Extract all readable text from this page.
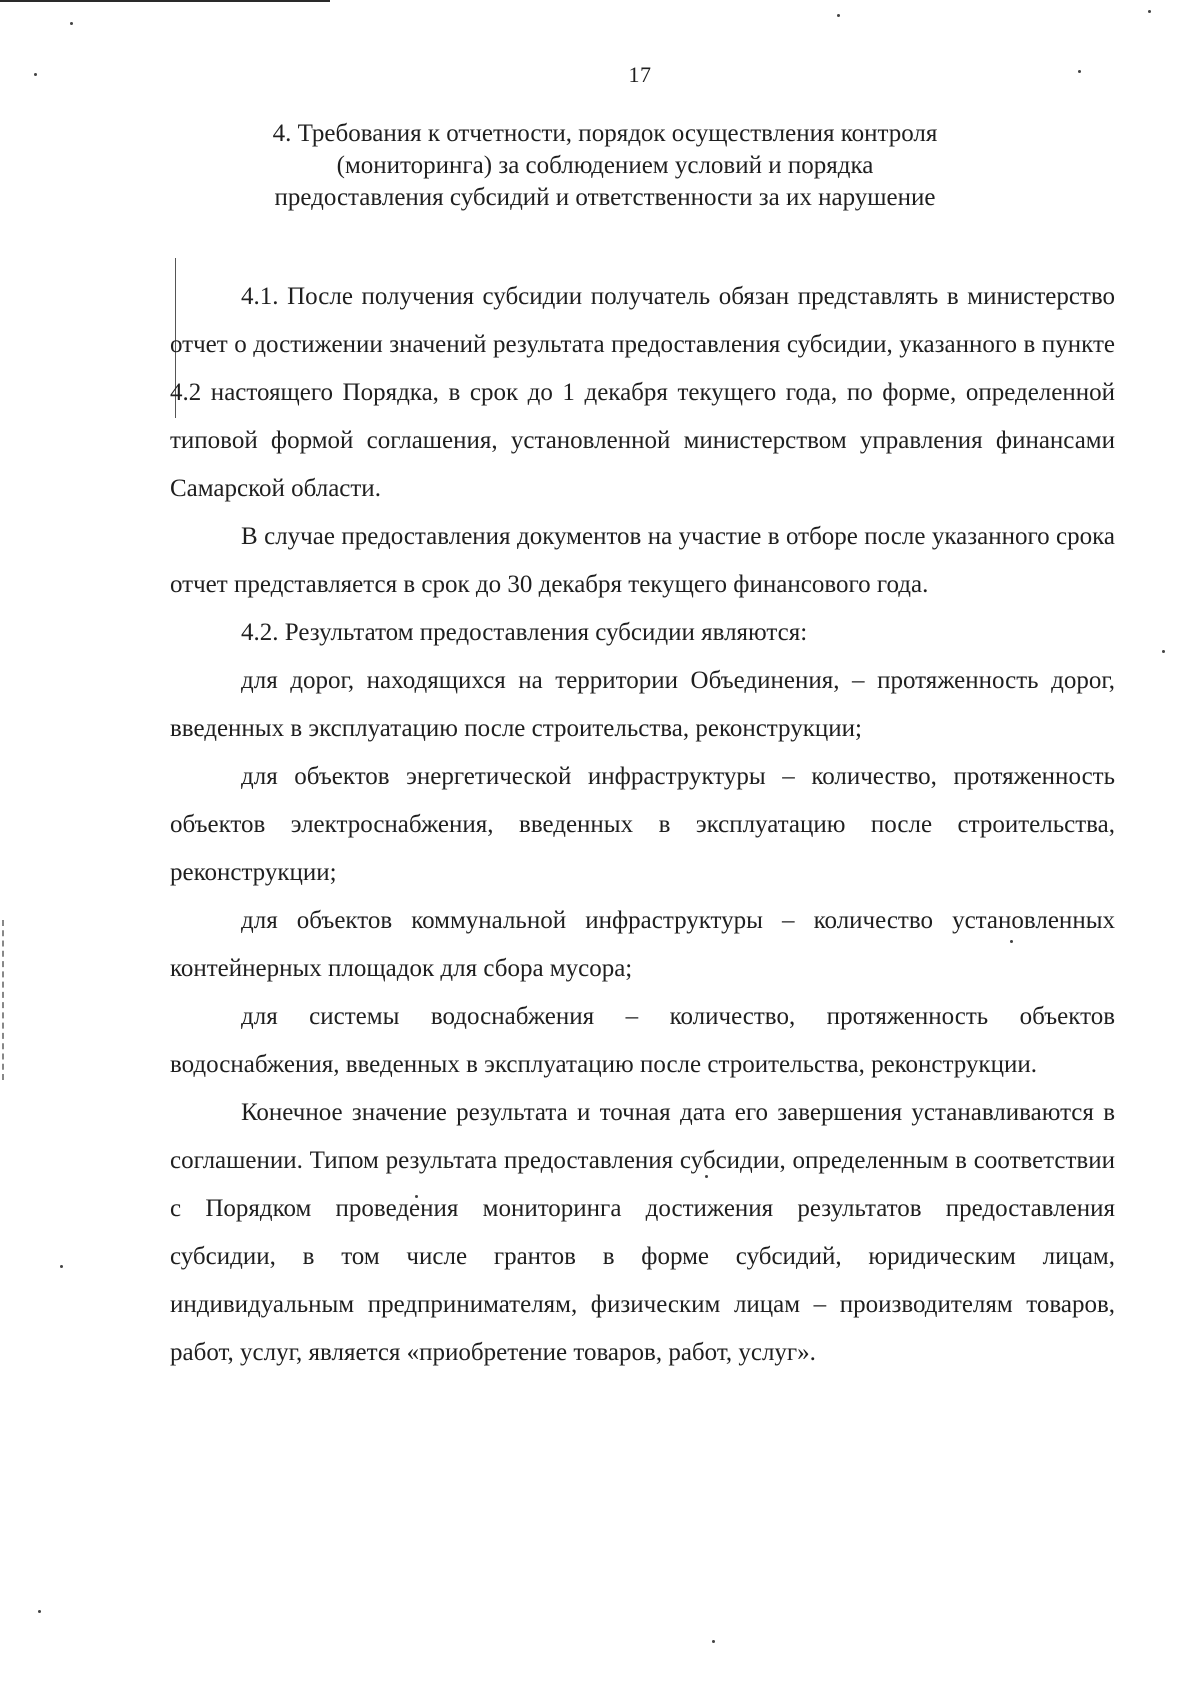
17
4. Требования к отчетности, порядок осуществления контроля
(мониторинга) за соблюдением условий и порядка
предоставления субсидий и ответственности за их нарушение

4.1. После получения субсидии получатель обязан представлять в министерство отчет о достижении значений результата предоставления субсидии, указанного в пункте 4.2 настоящего Порядка, в срок до 1 декабря текущего года, по форме, определенной типовой формой соглашения, установленной министерством управления финансами Самарской области.

В случае предоставления документов на участие в отборе после указанного срока отчет представляется в срок до 30 декабря текущего финансового года.

4.2. Результатом предоставления субсидии являются:

для дорог, находящихся на территории Объединения, – протяженность дорог, введенных в эксплуатацию после строительства, реконструкции;

для объектов энергетической инфраструктуры – количество, протяженность объектов электроснабжения, введенных в эксплуатацию после строительства, реконструкции;

для объектов коммунальной инфраструктуры – количество установленных контейнерных площадок для сбора мусора;

для системы водоснабжения – количество, протяженность объектов водоснабжения, введенных в эксплуатацию после строительства, реконструкции.

Конечное значение результата и точная дата его завершения устанавливаются в соглашении. Типом результата предоставления субсидии, определенным в соответствии с Порядком проведения мониторинга достижения результатов предоставления субсидии, в том числе грантов в форме субсидий, юридическим лицам, индивидуальным предпринимателям, физическим лицам – производителям товаров, работ, услуг, является «приобретение товаров, работ, услуг».
